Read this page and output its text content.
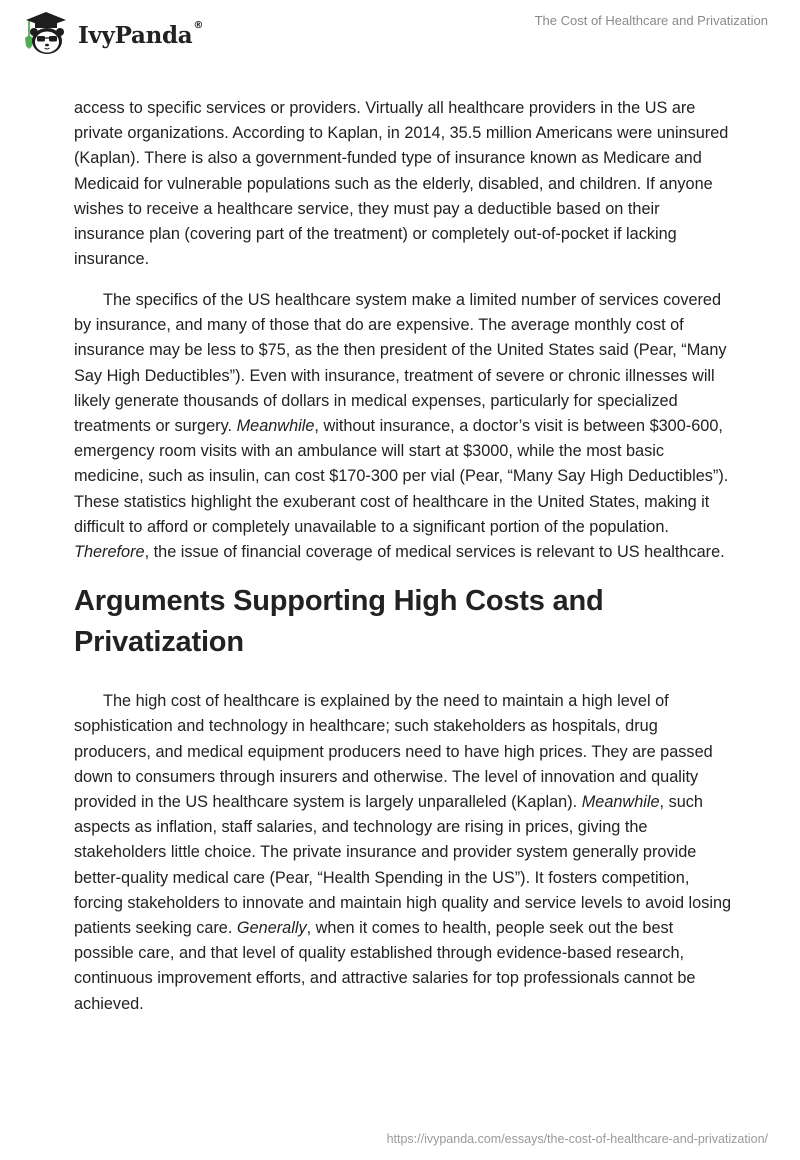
IvyPanda®	The Cost of Healthcare and Privatization

access to specific services or providers. Virtually all healthcare providers in the US are private organizations. According to Kaplan, in 2014, 35.5 million Americans were uninsured (Kaplan). There is also a government-funded type of insurance known as Medicare and Medicaid for vulnerable populations such as the elderly, disabled, and children. If anyone wishes to receive a healthcare service, they must pay a deductible based on their insurance plan (covering part of the treatment) or completely out-of-pocket if lacking insurance.

The specifics of the US healthcare system make a limited number of services covered by insurance, and many of those that do are expensive. The average monthly cost of insurance may be less to $75, as the then president of the United States said (Pear, “Many Say High Deductibles”). Even with insurance, treatment of severe or chronic illnesses will likely generate thousands of dollars in medical expenses, particularly for specialized treatments or surgery. Meanwhile, without insurance, a doctor’s visit is between $300-600, emergency room visits with an ambulance will start at $3000, while the most basic medicine, such as insulin, can cost $170-300 per vial (Pear, “Many Say High Deductibles”). These statistics highlight the exuberant cost of healthcare in the United States, making it difficult to afford or completely unavailable to a significant portion of the population. Therefore, the issue of financial coverage of medical services is relevant to US healthcare.

Arguments Supporting High Costs and Privatization

The high cost of healthcare is explained by the need to maintain a high level of sophistication and technology in healthcare; such stakeholders as hospitals, drug producers, and medical equipment producers need to have high prices. They are passed down to consumers through insurers and otherwise. The level of innovation and quality provided in the US healthcare system is largely unparalleled (Kaplan). Meanwhile, such aspects as inflation, staff salaries, and technology are rising in prices, giving the stakeholders little choice. The private insurance and provider system generally provide better-quality medical care (Pear, “Health Spending in the US”). It fosters competition, forcing stakeholders to innovate and maintain high quality and service levels to avoid losing patients seeking care. Generally, when it comes to health, people seek out the best possible care, and that level of quality established through evidence-based research, continuous improvement efforts, and attractive salaries for top professionals cannot be achieved.

https://ivypanda.com/essays/the-cost-of-healthcare-and-privatization/
